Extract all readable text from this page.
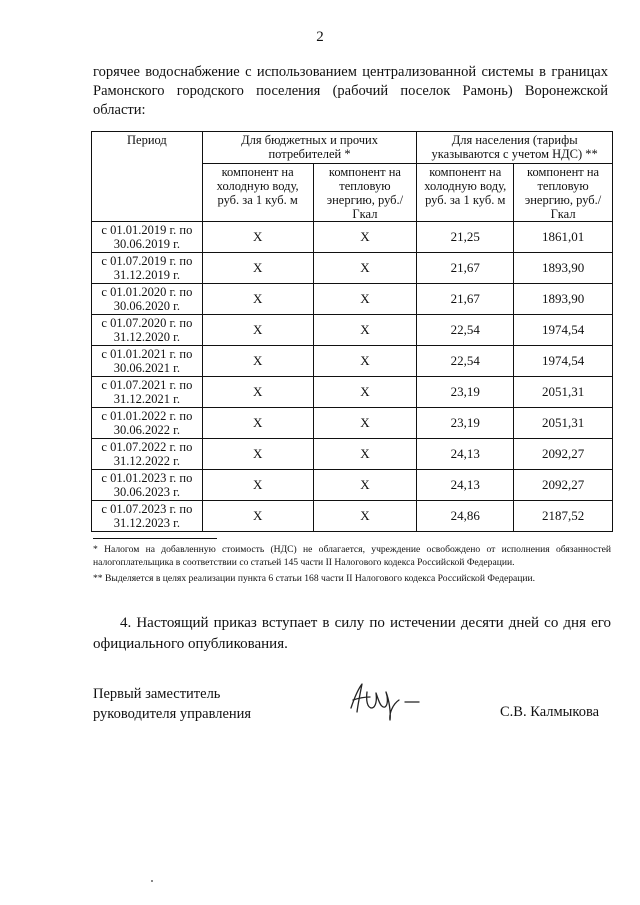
2

горячее водоснабжение с использованием централизованной системы в границах Рамонского городского поселения (рабочий поселок Рамонь) Воронежской области:

Период	Для бюджетных и прочих потребителей *		Для населения (тарифы указываются с учетом НДС) **	
	компонент на холодную воду, руб. за 1 куб. м	компонент на тепловую энергию, руб./Гкал	компонент на холодную воду, руб. за 1 куб. м	компонент на тепловую энергию, руб./Гкал
с 01.01.2019 г. по 30.06.2019 г.	Х	Х	21,25	1861,01
с 01.07.2019 г. по 31.12.2019 г.	Х	Х	21,67	1893,90
с 01.01.2020 г. по 30.06.2020 г.	Х	Х	21,67	1893,90
с 01.07.2020 г. по 31.12.2020 г.	Х	Х	22,54	1974,54
с 01.01.2021 г. по 30.06.2021 г.	Х	Х	22,54	1974,54
с 01.07.2021 г. по 31.12.2021 г.	Х	Х	23,19	2051,31
с 01.01.2022 г. по 30.06.2022 г.	Х	Х	23,19	2051,31
с 01.07.2022 г. по 31.12.2022 г.	Х	Х	24,13	2092,27
с 01.01.2023 г. по 30.06.2023 г.	Х	Х	24,13	2092,27
с 01.07.2023 г. по 31.12.2023 г.	Х	Х	24,86	2187,52

* Налогом на добавленную стоимость (НДС) не облагается, учреждение освобождено от исполнения обязанностей налогоплательщика в соответствии со статьей 145 части II Налогового кодекса Российской Федерации.

** Выделяется в целях реализации пункта 6 статьи 168 части II Налогового кодекса Российской Федерации.

4. Настоящий приказ вступает в силу по истечении десяти дней со дня его официального опубликования.

Первый заместитель
руководителя управления	С.В. Калмыкова
